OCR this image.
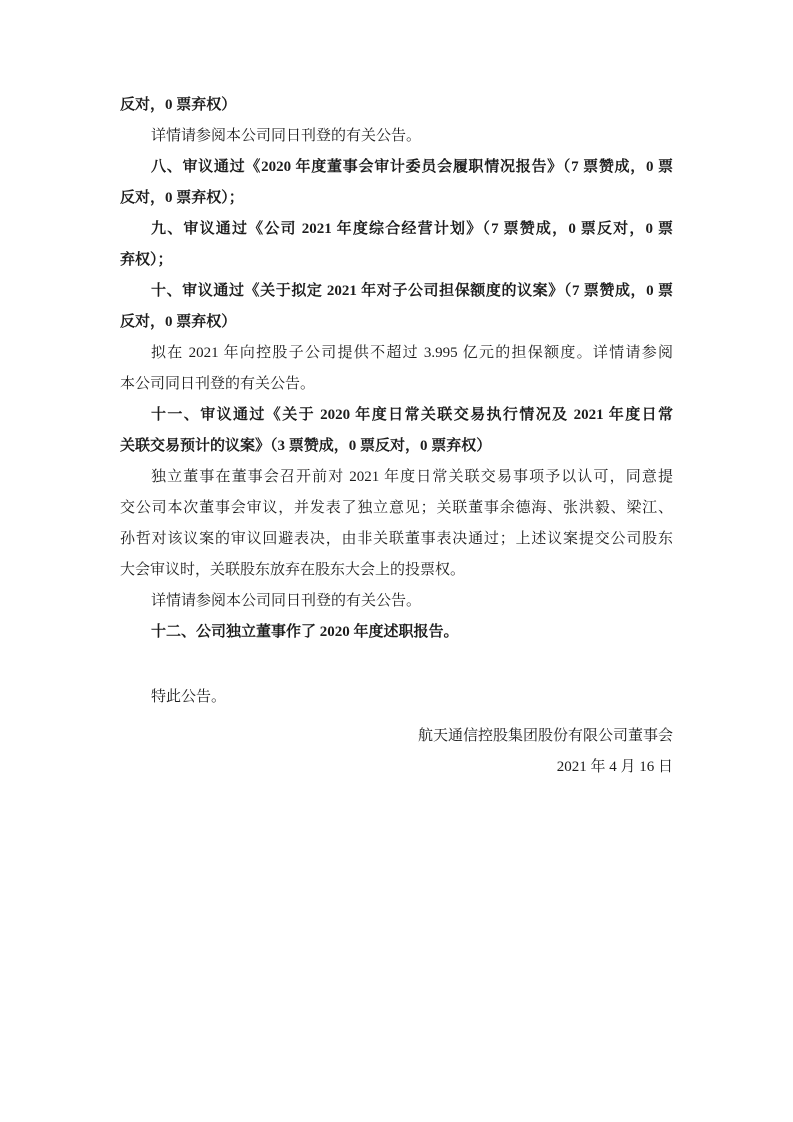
反对，0 票弃权）
详情请参阅本公司同日刊登的有关公告。
八、审议通过《2020 年度董事会审计委员会履职情况报告》（7 票赞成，0 票
反对，0 票弃权）；
九、审议通过《公司 2021 年度综合经营计划》（7 票赞成，0 票反对，0 票
弃权）；
十、审议通过《关于拟定 2021 年对子公司担保额度的议案》（7 票赞成，0 票
反对，0 票弃权）
拟在 2021 年向控股子公司提供不超过 3.995 亿元的担保额度。详情请参阅
本公司同日刊登的有关公告。
十一、审议通过《关于 2020 年度日常关联交易执行情况及 2021 年度日常
关联交易预计的议案》（3 票赞成，0 票反对，0 票弃权）
独立董事在董事会召开前对 2021 年度日常关联交易事项予以认可，同意提
交公司本次董事会审议，并发表了独立意见；关联董事余德海、张洪毅、梁江、
孙哲对该议案的审议回避表决，由非关联董事表决通过；上述议案提交公司股东
大会审议时，关联股东放弃在股东大会上的投票权。
详情请参阅本公司同日刊登的有关公告。
十二、公司独立董事作了 2020 年度述职报告。
特此公告。
航天通信控股集团股份有限公司董事会
2021 年 4 月 16 日
